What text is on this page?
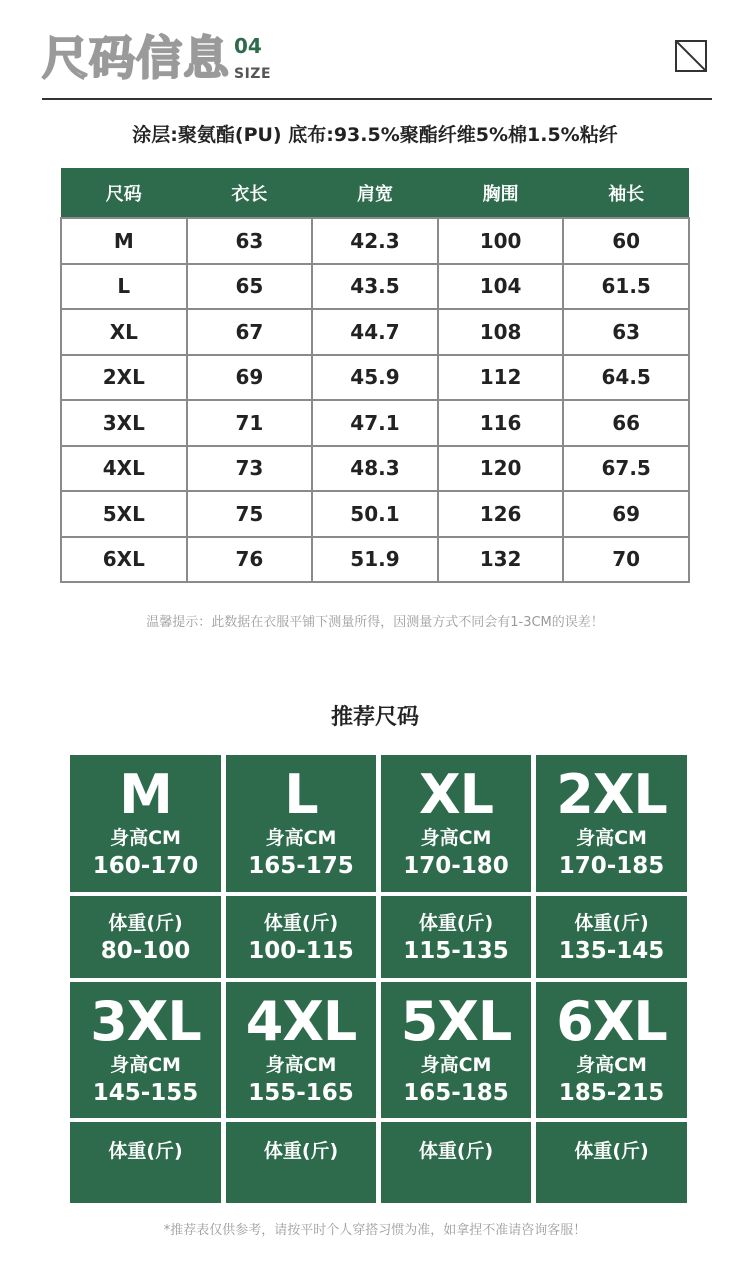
尺码信息 04
SIZE
涂层:聚氨酯(PU) 底布:93.5%聚酯纤维5%棉1.5%粘纤
尺码	衣长	肩宽	胸围	袖长
M	63	42.3	100	60
L	65	43.5	104	61.5
XL	67	44.7	108	63
2XL	69	45.9	112	64.5
3XL	71	47.1	116	66
4XL	73	48.3	120	67.5
5XL	75	50.1	126	69
6XL	76	51.9	132	70
温馨提示：此数据在衣服平铺下测量所得，因测量方式不同会有1-3CM的误差！
推荐尺码
M
身高CM
160-170
L
身高CM
165-175
XL
身高CM
170-180
2XL
身高CM
170-185
体重(斤)
80-100
体重(斤)
100-115
体重(斤)
115-135
体重(斤)
135-145
3XL
身高CM
145-155
4XL
身高CM
155-165
5XL
身高CM
165-185
6XL
身高CM
185-215
体重(斤)	体重(斤)	体重(斤)	体重(斤)
*推荐表仅供参考，请按平时个人穿搭习惯为准，如拿捏不准请咨询客服！
